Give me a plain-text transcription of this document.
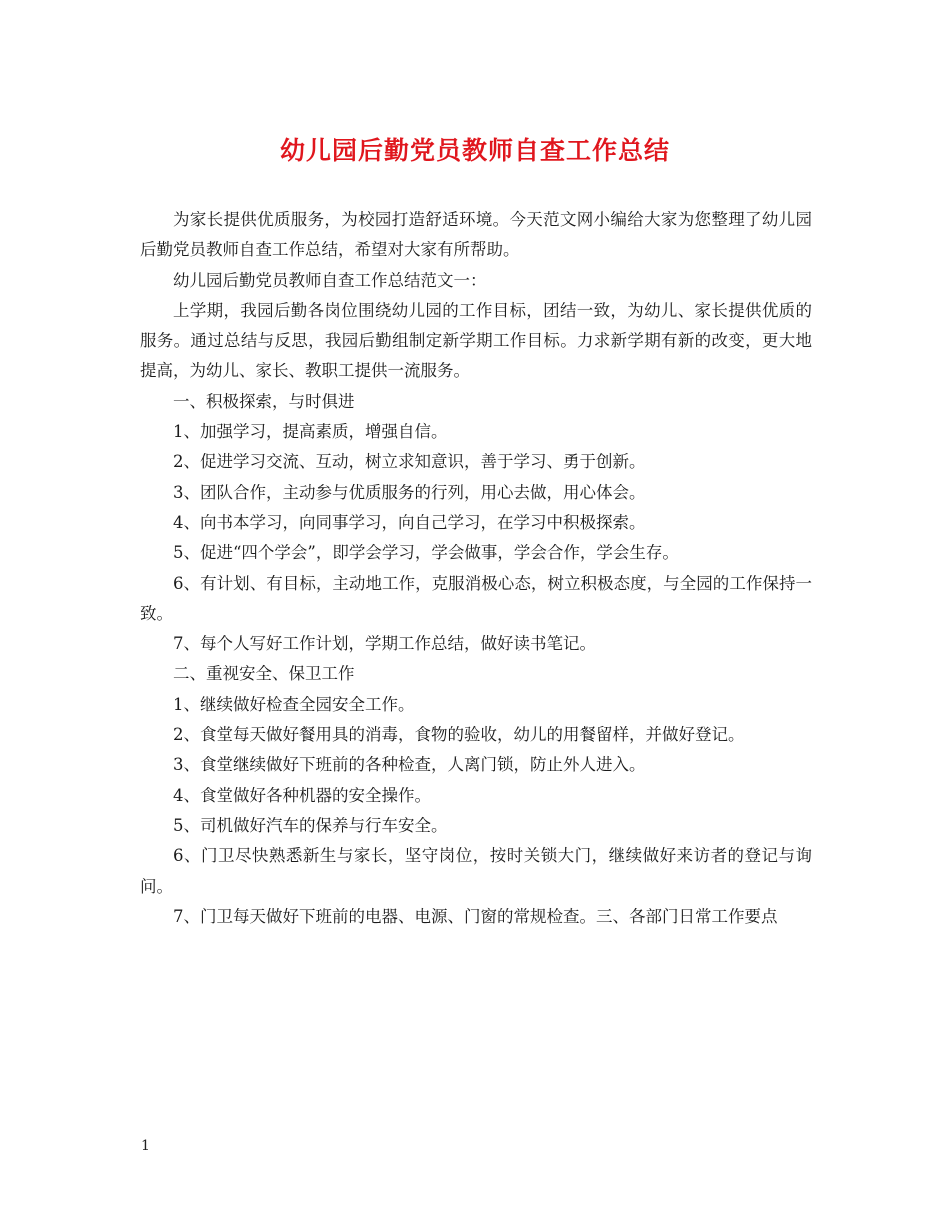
幼儿园后勤党员教师自查工作总结

为家长提供优质服务，为校园打造舒适环境。今天范文网小编给大家为您整理了幼儿园后勤党员教师自查工作总结，希望对大家有所帮助。

幼儿园后勤党员教师自查工作总结范文一：

上学期，我园后勤各岗位围绕幼儿园的工作目标，团结一致，为幼儿、家长提供优质的服务。通过总结与反思，我园后勤组制定新学期工作目标。力求新学期有新的改变，更大地提高，为幼儿、家长、教职工提供一流服务。

一、积极探索，与时俱进

1、加强学习，提高素质，增强自信。

2、促进学习交流、互动，树立求知意识，善于学习、勇于创新。

3、团队合作，主动参与优质服务的行列，用心去做，用心体会。

4、向书本学习，向同事学习，向自己学习，在学习中积极探索。

5、促进“四个学会”，即学会学习，学会做事，学会合作，学会生存。

6、有计划、有目标，主动地工作，克服消极心态，树立积极态度，与全园的工作保持一致。

7、每个人写好工作计划，学期工作总结，做好读书笔记。

二、重视安全、保卫工作

1、继续做好检查全园安全工作。

2、食堂每天做好餐用具的消毒，食物的验收，幼儿的用餐留样，并做好登记。

3、食堂继续做好下班前的各种检查，人离门锁，防止外人进入。

4、食堂做好各种机器的安全操作。

5、司机做好汽车的保养与行车安全。

6、门卫尽快熟悉新生与家长，坚守岗位，按时关锁大门，继续做好来访者的登记与询问。

7、门卫每天做好下班前的电器、电源、门窗的常规检查。三、各部门日常工作要点

1
